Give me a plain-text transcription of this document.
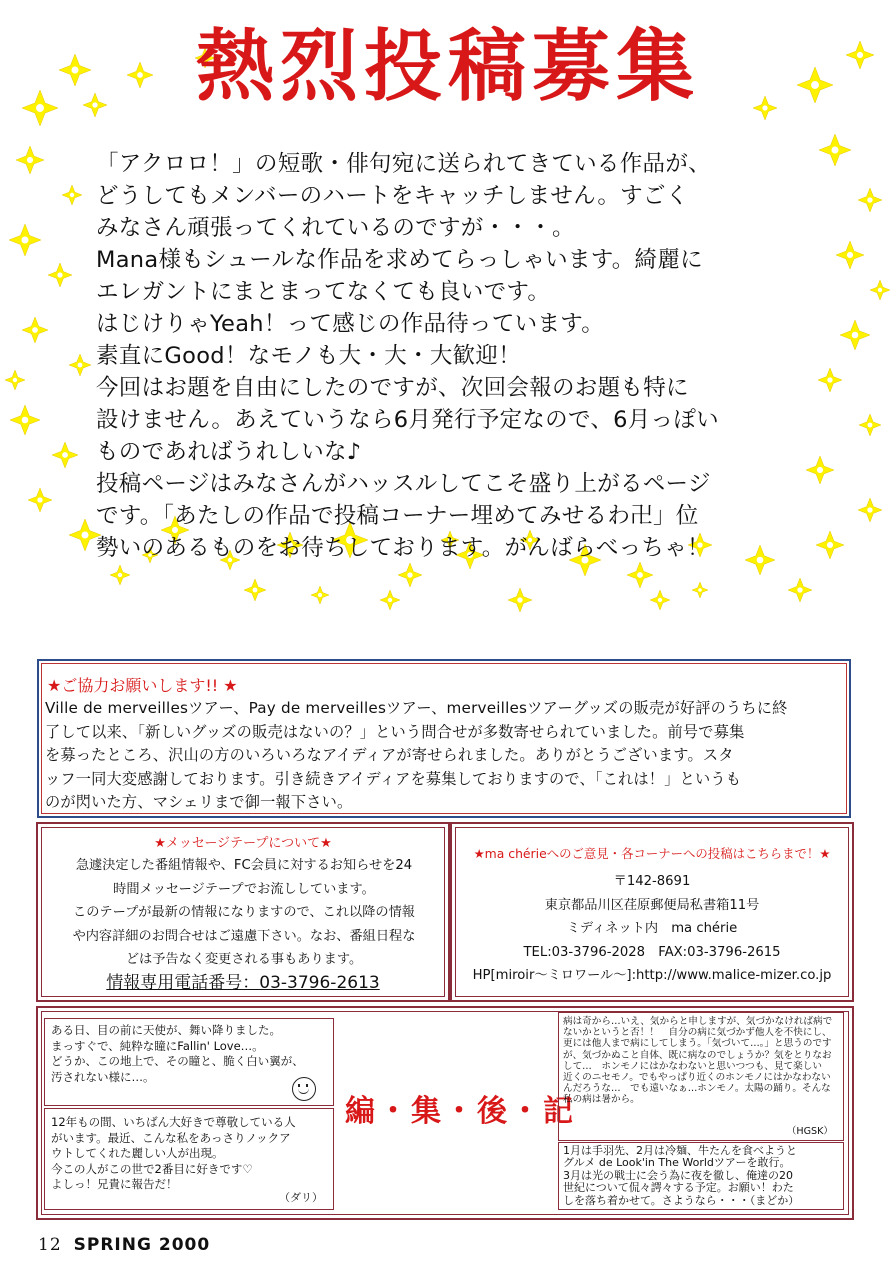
熱烈投稿募集
「アクロロ！」の短歌・俳句宛に送られてきている作品が、
どうしてもメンバーのハートをキャッチしません。すごく
みなさん頑張ってくれているのですが・・・。
Mana様もシュールな作品を求めてらっしゃいます。綺麗に
エレガントにまとまってなくても良いです。
はじけりゃYeah！って感じの作品待っています。
素直にGood！なモノも大・大・大歓迎！
今回はお題を自由にしたのですが、次回会報のお題も特に
設けません。あえていうなら6月発行予定なので、6月っぽい
ものであればうれしいな♪
投稿ページはみなさんがハッスルしてこそ盛り上がるページ
です。「あたしの作品で投稿コーナー埋めてみせるわ卍」位
勢いのあるものをお待ちしております。がんばらべっちゃ！
★ご協力お願いします!! ★
Ville de merveillesツアー、Pay de merveillesツアー、merveillesツアーグッズの販売が好評のうちに終
了して以来、「新しいグッズの販売はないの？」という問合せが多数寄せられていました。前号で募集
を募ったところ、沢山の方のいろいろなアイディアが寄せられました。ありがとうございます。スタ
ッフ一同大変感謝しております。引き続きアイディアを募集しておりますので、「これは！」というも
のが閃いた方、マシェリまで御一報下さい。
★メッセージテープについて★
急遽決定した番組情報や、FC会員に対するお知らせを24
時間メッセージテープでお流ししています。
このテープが最新の情報になりますので、これ以降の情報
や内容詳細のお問合せはご遠慮下さい。なお、番組日程な
どは予告なく変更される事もあります。
情報専用電話番号：03-3796-2613
★ma chérieへのご意見・各コーナーへの投稿はこちらまで！★
〒142-8691
東京都品川区荏原郵便局私書箱11号
ミディネット内　ma chérie
TEL:03-3796-2028　FAX:03-3796-2615
HP[miroir～ミロワール～]:http://www.malice-mizer.co.jp
ある日、目の前に天使が、舞い降りました。
まっすぐで、純粋な瞳にFallin' Love…。
どうか、この地上で、その瞳と、脆く白い翼が、
汚されない様に…。
12年もの間、いちばん大好きで尊敬している人
がいます。最近、こんな私をあっさりノックア
ウトしてくれた麗しい人が出現。
今この人がこの世で2番目に好きです♡
よしっ！兄貴に報告だ！
（ダリ）
編・集・後・記
病は奇から…いえ、気からと申しますが、気づかなければ病で
ないかというと否！！　自分の病に気づかず他人を不快にし、
更には他人まで病にしてしまう。「気づいて…。」と思うのです
が、気づかぬこと自体、既に病なのでしょうか？気をとりなお
して…　ホンモノにはかなわないと思いつつも、見て楽しい
近くのニセモノ。でもやっぱり近くのホンモノにはかなわない
んだろうな…　でも遠いなぁ…ホンモノ。太陽の踊り。そんな
私の病は暑から。
（HGSK）
1月は手羽先、2月は冷麺、牛たんを食べようと
グルメ de Look'in The Worldツアーを敢行。
3月は光の戦士に会う為に夜を徹し、俺達の20
世紀について侃々諤々する予定。お願い！わた
しを落ち着かせて。さようなら・・・（まどか）
12 SPRING 2000
